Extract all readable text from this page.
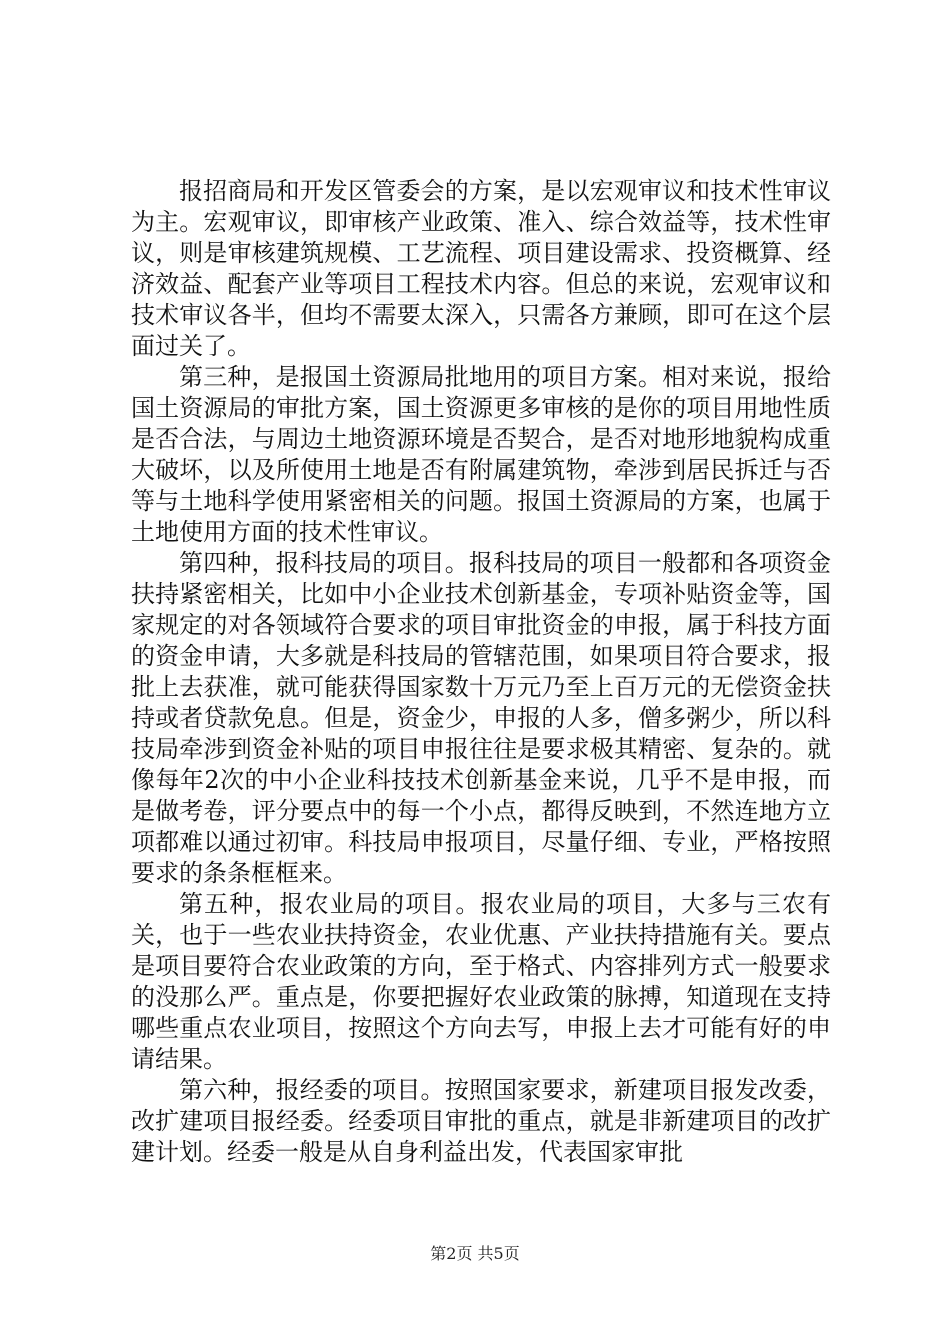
报招商局和开发区管委会的方案，是以宏观审议和技术性审议为主。宏观审议，即审核产业政策、准入、综合效益等，技术性审议，则是审核建筑规模、工艺流程、项目建设需求、投资概算、经济效益、配套产业等项目工程技术内容。但总的来说，宏观审议和技术审议各半，但均不需要太深入，只需各方兼顾，即可在这个层面过关了。

第三种，是报国土资源局批地用的项目方案。相对来说，报给国土资源局的审批方案，国土资源更多审核的是你的项目用地性质是否合法，与周边土地资源环境是否契合，是否对地形地貌构成重大破坏，以及所使用土地是否有附属建筑物，牵涉到居民拆迁与否等与土地科学使用紧密相关的问题。报国土资源局的方案，也属于土地使用方面的技术性审议。

第四种，报科技局的项目。报科技局的项目一般都和各项资金扶持紧密相关，比如中小企业技术创新基金，专项补贴资金等，国家规定的对各领域符合要求的项目审批资金的申报，属于科技方面的资金申请，大多就是科技局的管辖范围，如果项目符合要求，报批上去获准，就可能获得国家数十万元乃至上百万元的无偿资金扶持或者贷款免息。但是，资金少，申报的人多，僧多粥少，所以科技局牵涉到资金补贴的项目申报往往是要求极其精密、复杂的。就像每年2次的中小企业科技技术创新基金来说，几乎不是申报，而是做考卷，评分要点中的每一个小点，都得反映到，不然连地方立项都难以通过初审。科技局申报项目，尽量仔细、专业，严格按照要求的条条框框来。

第五种，报农业局的项目。报农业局的项目，大多与三农有关，也于一些农业扶持资金，农业优惠、产业扶持措施有关。要点是项目要符合农业政策的方向，至于格式、内容排列方式一般要求的没那么严。重点是，你要把握好农业政策的脉搏，知道现在支持哪些重点农业项目，按照这个方向去写，申报上去才可能有好的申请结果。

第六种，报经委的项目。按照国家要求，新建项目报发改委，改扩建项目报经委。经委项目审批的重点，就是非新建项目的改扩建计划。经委一般是从自身利益出发，代表国家审批

第2页 共5页
